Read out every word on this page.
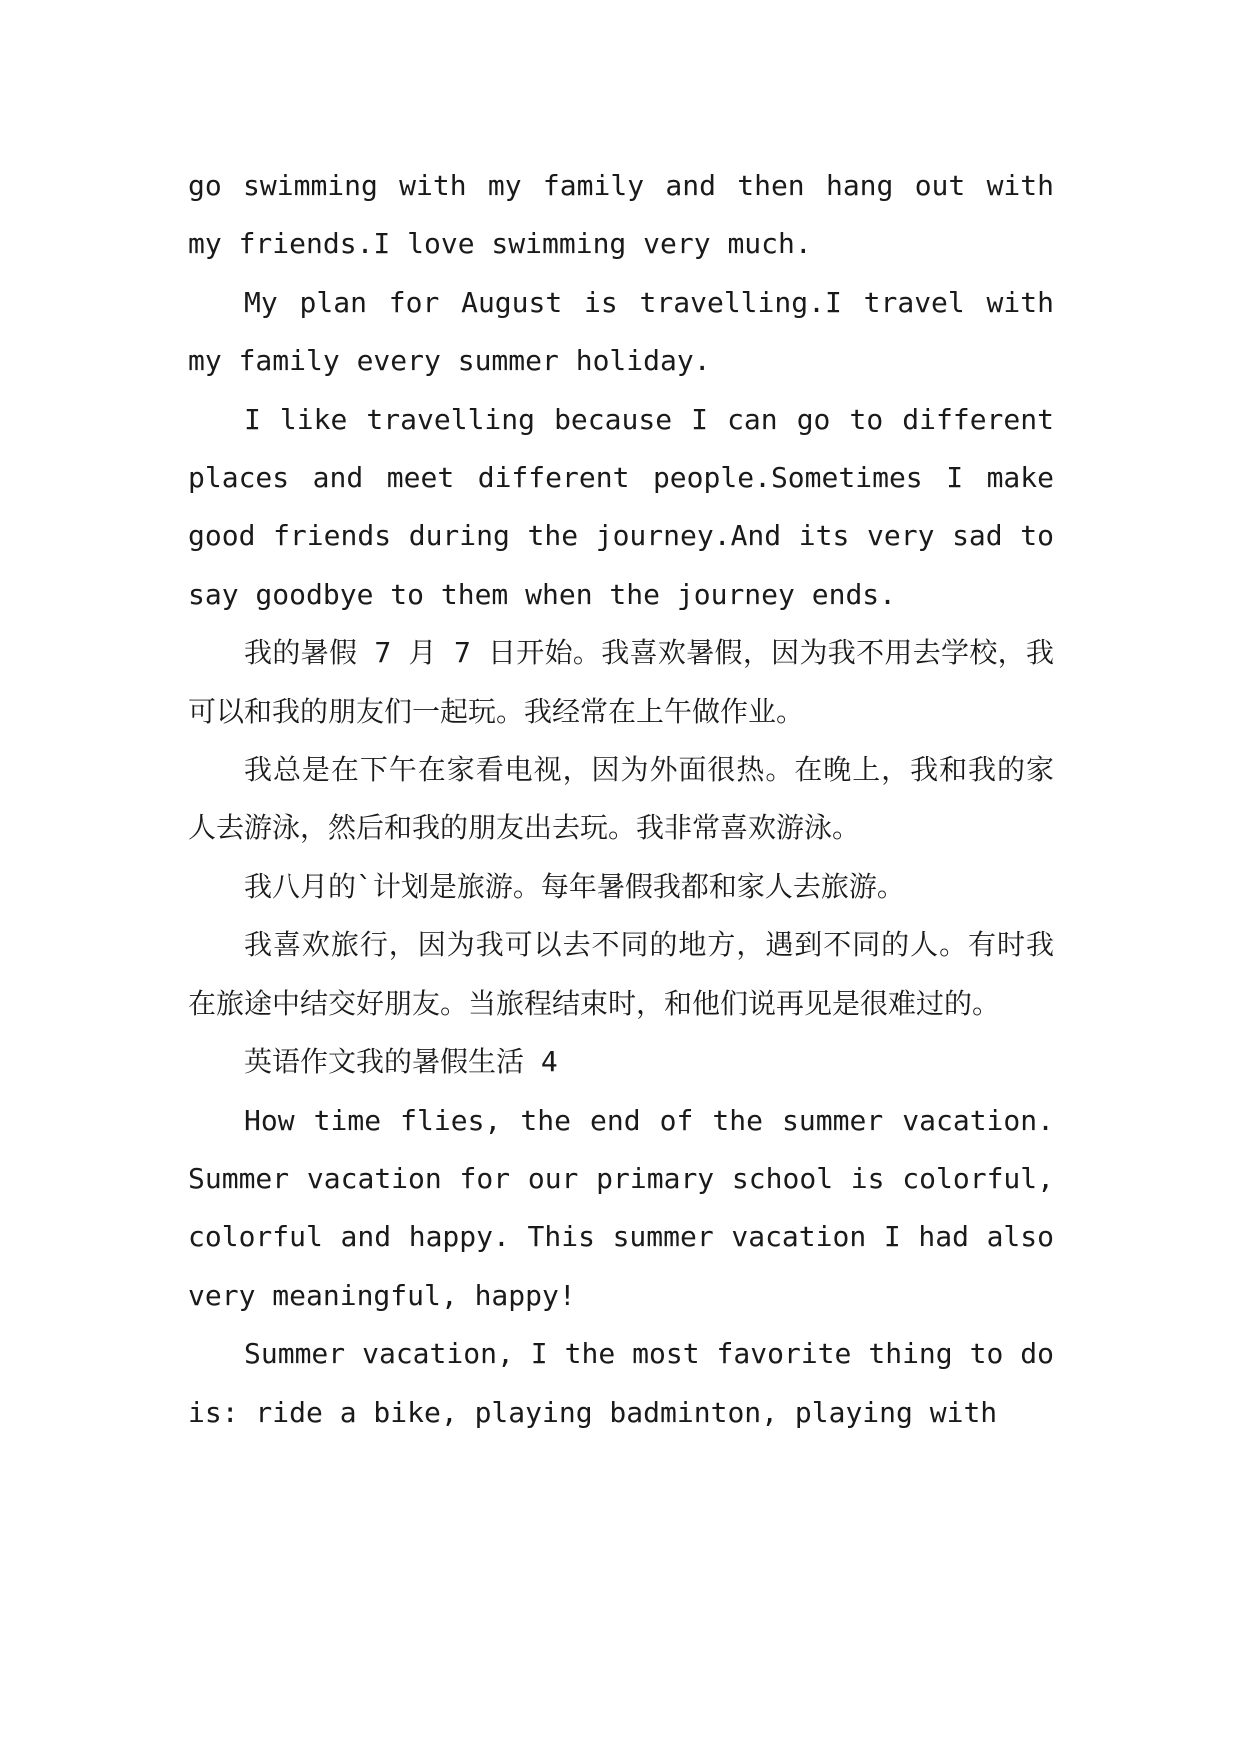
go swimming with my family and then hang out with my friends.I love swimming very much.

My plan for August is travelling.I travel with my family every summer holiday.

I like travelling because I can go to different places and meet different people.Sometimes I make good friends during the journey.And its very sad to say goodbye to them when the journey ends.

我的暑假 7 月 7 日开始。我喜欢暑假，因为我不用去学校，我可以和我的朋友们一起玩。我经常在上午做作业。

我总是在下午在家看电视，因为外面很热。在晚上，我和我的家人去游泳，然后和我的朋友出去玩。我非常喜欢游泳。

我八月的`计划是旅游。每年暑假我都和家人去旅游。

我喜欢旅行，因为我可以去不同的地方，遇到不同的人。有时我在旅途中结交好朋友。当旅程结束时，和他们说再见是很难过的。

英语作文我的暑假生活 4

How time flies, the end of the summer vacation. Summer vacation for our primary school is colorful, colorful and happy. This summer vacation I had also very meaningful, happy!

Summer vacation, I the most favorite thing to do is: ride a bike, playing badminton, playing with
